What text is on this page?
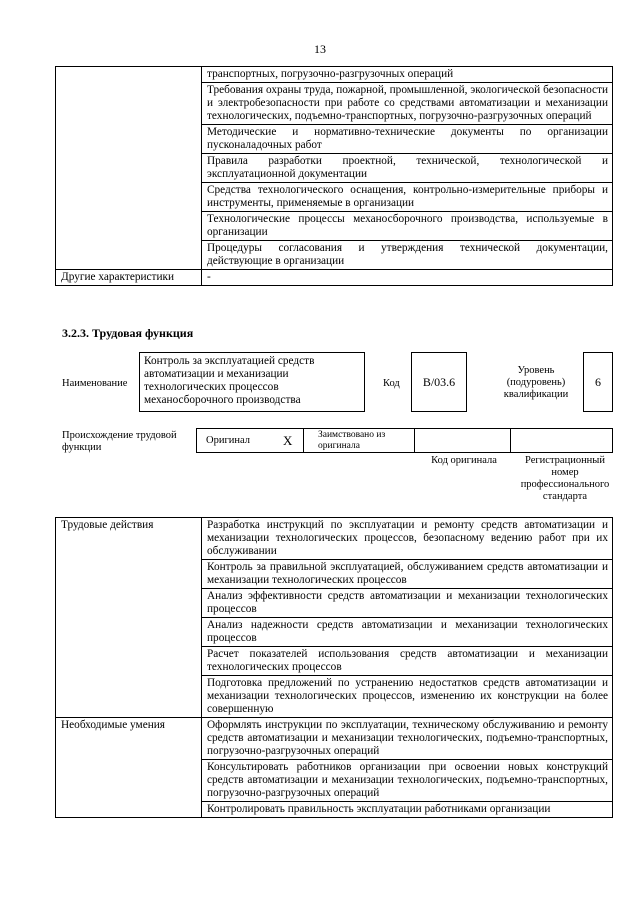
13
	транспортных, погрузочно-разгрузочных операций
	Требования охраны труда, пожарной, промышленной, экологической безопасности и электробезопасности при работе со средствами автоматизации и механизации технологических, подъемно-транспортных, погрузочно-разгрузочных операций
	Методические и нормативно-технические документы по организации пусконаладочных работ
	Правила разработки проектной, технической, технологической и эксплуатационной документации
	Средства технологического оснащения, контрольно-измерительные приборы и инструменты, применяемые в организации
	Технологические процессы механосборочного производства, используемые в организации
	Процедуры согласования и утверждения технической документации, действующие в организации
Другие характеристики	-
3.2.3. Трудовая функция
Наименование
Контроль за эксплуатацией средств автоматизации и механизации технологических процессов механосборочного производства
Код	B/03.6
Уровень (подуровень) квалификации
6
Происхождение трудовой функции
Оригинал	X	Заимствовано из оригинала
Код оригинала	Регистрационный номер профессионального стандарта
Трудовые действия	Разработка инструкций по эксплуатации и ремонту средств автоматизации и механизации технологических процессов, безопасному ведению работ при их обслуживании
	Контроль за правильной эксплуатацией, обслуживанием средств автоматизации и механизации технологических процессов
	Анализ эффективности средств автоматизации и механизации технологических процессов
	Анализ надежности средств автоматизации и механизации технологических процессов
	Расчет показателей использования средств автоматизации и механизации технологических процессов
	Подготовка предложений по устранению недостатков средств автоматизации и механизации технологических процессов, изменению их конструкции на более совершенную
Необходимые умения	Оформлять инструкции по эксплуатации, техническому обслуживанию и ремонту средств автоматизации и механизации технологических, подъемно-транспортных, погрузочно-разгрузочных операций
	Консультировать работников организации при освоении новых конструкций средств автоматизации и механизации технологических, подъемно-транспортных, погрузочно-разгрузочных операций
	Контролировать правильность эксплуатации работниками организации
